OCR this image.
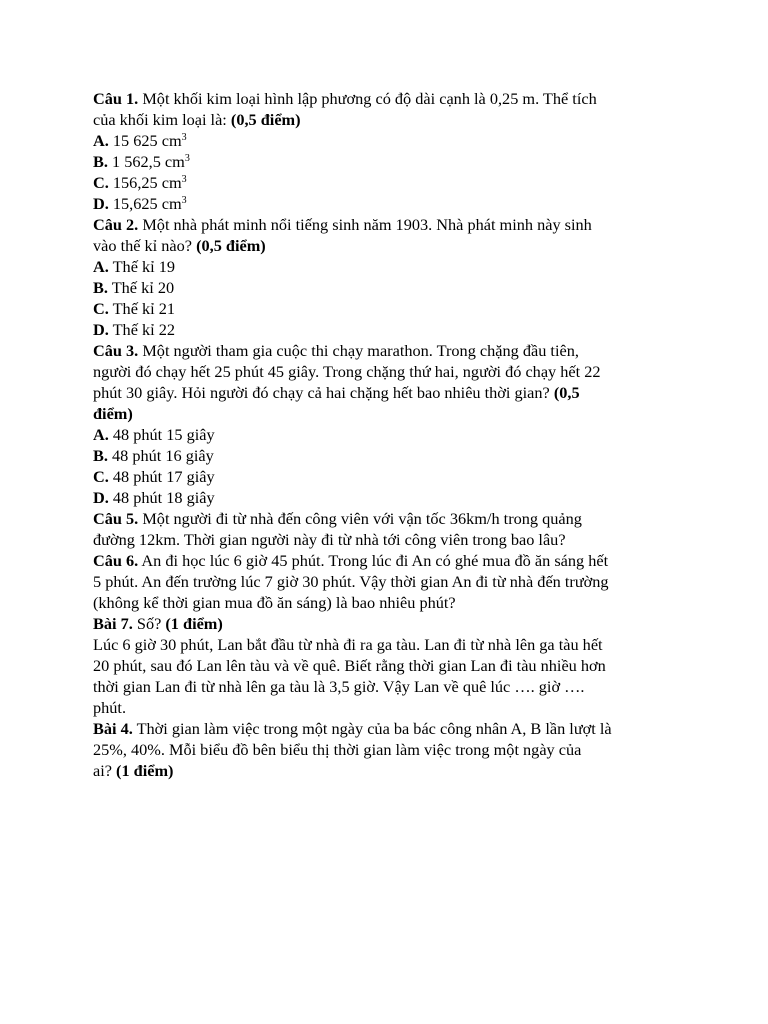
Câu 1. Một khối kim loại hình lập phương có độ dài cạnh là 0,25 m. Thể tích
của khối kim loại là: (0,5 điểm)
A. 15 625 $cm^3$
B. 1 562,5 $cm^3$
C. 156,25 $cm^3$
D. 15,625 $cm^3$
Câu 2. Một nhà phát minh nổi tiếng sinh năm 1903. Nhà phát minh này sinh
vào thế kỉ nào? (0,5 điểm)
A. Thế kỉ 19
B. Thế kỉ 20
C. Thế kỉ 21
D. Thế kỉ 22
Câu 3. Một người tham gia cuộc thi chạy marathon. Trong chặng đầu tiên,
người đó chạy hết 25 phút 45 giây. Trong chặng thứ hai, người đó chạy hết 22
phút 30 giây. Hỏi người đó chạy cả hai chặng hết bao nhiêu thời gian? (0,5
điểm)
A. 48 phút 15 giây
B. 48 phút 16 giây
C. 48 phút 17 giây
D. 48 phút 18 giây
Câu 5. Một người đi từ nhà đến công viên với vận tốc 36km/h trong quảng
đường 12km. Thời gian người này đi từ nhà tới công viên trong bao lâu?
Câu 6. An đi học lúc 6 giờ 45 phút. Trong lúc đi An có ghé mua đồ ăn sáng hết
5 phút. An đến trường lúc 7 giờ 30 phút. Vậy thời gian An đi từ nhà đến trường
(không kể thời gian mua đồ ăn sáng) là bao nhiêu phút?
Bài 7. Số? (1 điểm)
Lúc 6 giờ 30 phút, Lan bắt đầu từ nhà đi ra ga tàu. Lan đi từ nhà lên ga tàu hết
20 phút, sau đó Lan lên tàu và về quê. Biết rằng thời gian Lan đi tàu nhiều hơn
thời gian Lan đi từ nhà lên ga tàu là 3,5 giờ. Vậy Lan về quê lúc …. giờ ….
phút.
Bài 4. Thời gian làm việc trong một ngày của ba bác công nhân A, B lần lượt là
25%, 40%. Mỗi biểu đồ bên biểu thị thời gian làm việc trong một ngày của
ai? (1 điểm)
